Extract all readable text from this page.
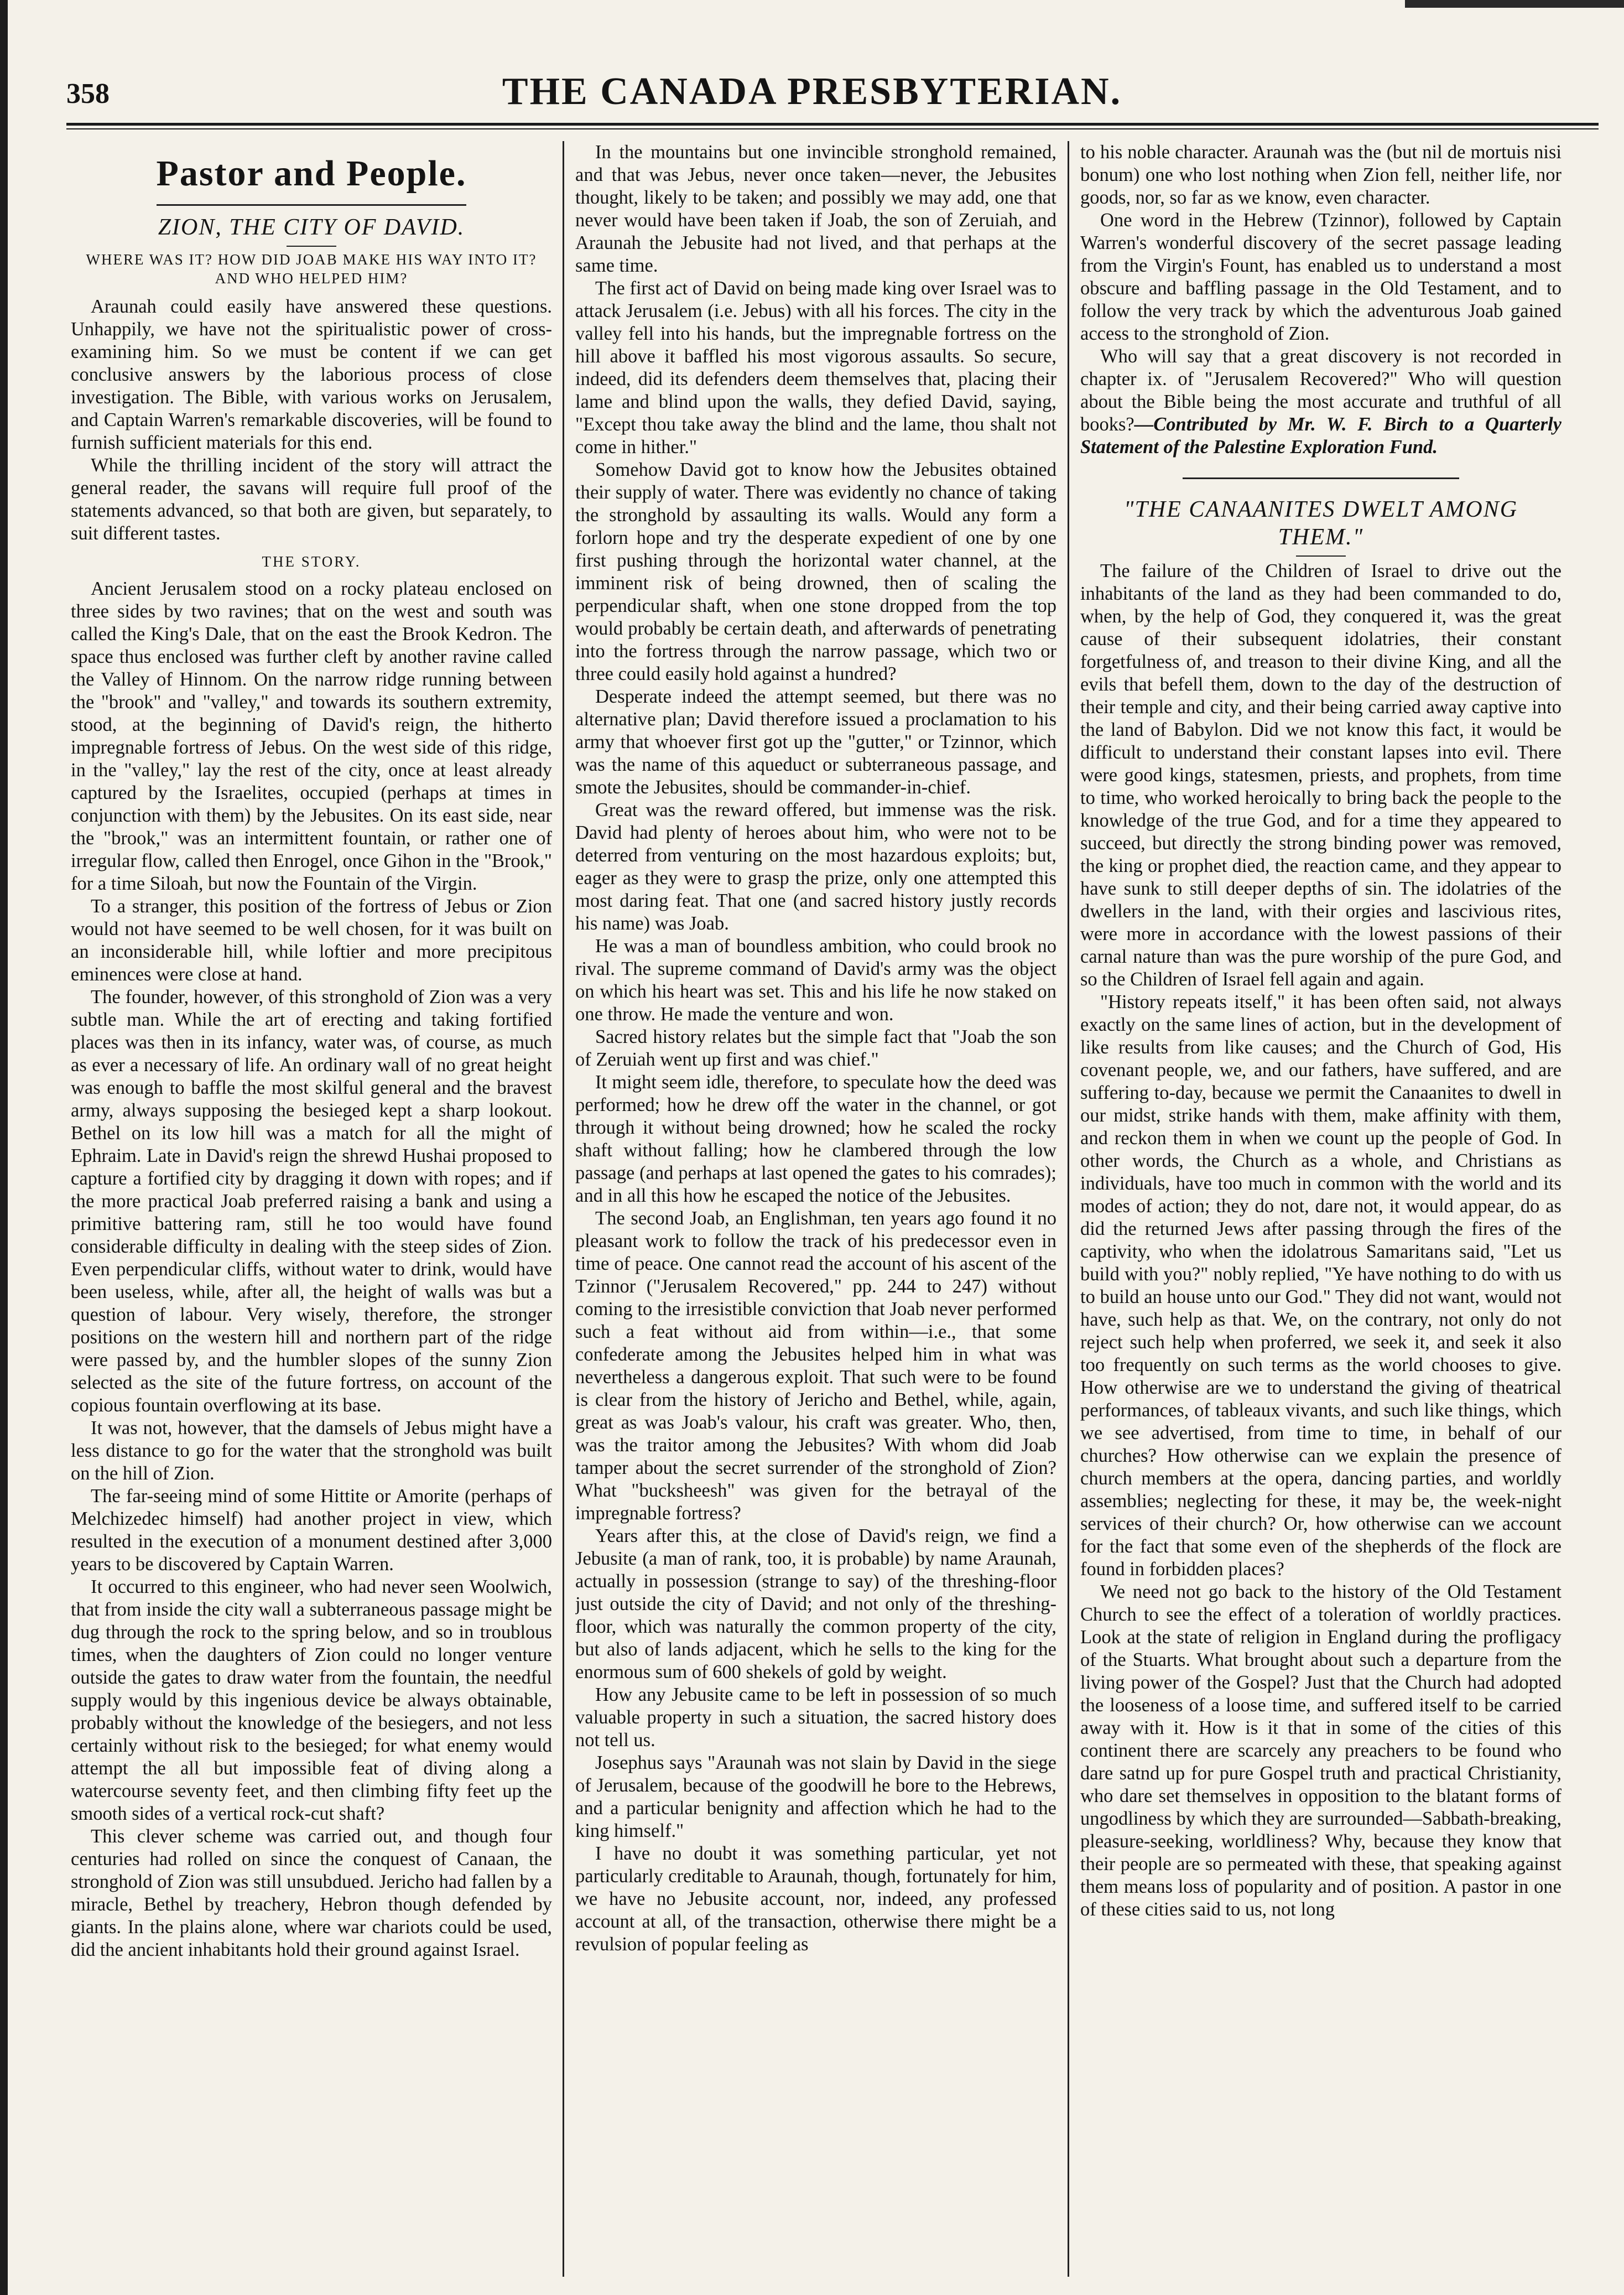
358	THE CANADA PRESBYTERIAN.
Pastor and People.
ZION, THE CITY OF DAVID.
WHERE WAS IT? HOW DID JOAB MAKE HIS WAY INTO IT? AND WHO HELPED HIM?

Araunah could easily have answered these questions. Unhappily, we have not the spiritualistic power of cross-examining him. So we must be content if we can get conclusive answers by the laborious process of close investigation. The Bible, with various works on Jerusalem, and Captain Warren's remarkable discoveries, will be found to furnish sufficient materials for this end.

While the thrilling incident of the story will attract the general reader, the savans will require full proof of the statements advanced, so that both are given, but separately, to suit different tastes.

THE STORY.

Ancient Jerusalem stood on a rocky plateau enclosed on three sides by two ravines; that on the west and south was called the King's Dale, that on the east the Brook Kedron. The space thus enclosed was further cleft by another ravine called the Valley of Hinnom. On the narrow ridge running between the "brook" and "valley," and towards its southern extremity, stood, at the beginning of David's reign, the hitherto impregnable fortress of Jebus. On the west side of this ridge, in the "valley," lay the rest of the city, once at least already captured by the Israelites, occupied (perhaps at times in conjunction with them) by the Jebusites. On its east side, near the "brook," was an intermittent fountain, or rather one of irregular flow, called then Enrogel, once Gihon in the "Brook," for a time Siloah, but now the Fountain of the Virgin.

To a stranger, this position of the fortress of Jebus or Zion would not have seemed to be well chosen, for it was built on an inconsiderable hill, while loftier and more precipitous eminences were close at hand.

The founder, however, of this stronghold of Zion was a very subtle man. While the art of erecting and taking fortified places was then in its infancy, water was, of course, as much as ever a necessary of life. An ordinary wall of no great height was enough to baffle the most skilful general and the bravest army, always supposing the besieged kept a sharp lookout. Bethel on its low hill was a match for all the might of Ephraim. Late in David's reign the shrewd Hushai proposed to capture a fortified city by dragging it down with ropes; and if the more practical Joab preferred raising a bank and using a primitive battering ram, still he too would have found considerable difficulty in dealing with the steep sides of Zion. Even perpendicular cliffs, without water to drink, would have been useless, while, after all, the height of walls was but a question of labour. Very wisely, therefore, the stronger positions on the western hill and northern part of the ridge were passed by, and the humbler slopes of the sunny Zion selected as the site of the future fortress, on account of the copious fountain overflowing at its base.

It was not, however, that the damsels of Jebus might have a less distance to go for the water that the stronghold was built on the hill of Zion.

The far-seeing mind of some Hittite or Amorite (perhaps of Melchizedec himself) had another project in view, which resulted in the execution of a monument destined after 3,000 years to be discovered by Captain Warren.

It occurred to this engineer, who had never seen Woolwich, that from inside the city wall a subterraneous passage might be dug through the rock to the spring below, and so in troublous times, when the daughters of Zion could no longer venture outside the gates to draw water from the fountain, the needful supply would by this ingenious device be always obtainable, probably without the knowledge of the besiegers, and not less certainly without risk to the besieged; for what enemy would attempt the all but impossible feat of diving along a watercourse seventy feet, and then climbing fifty feet up the smooth sides of a vertical rock-cut shaft?

This clever scheme was carried out, and though four centuries had rolled on since the conquest of Canaan, the stronghold of Zion was still unsubdued. Jericho had fallen by a miracle, Bethel by treachery, Hebron though defended by giants. In the plains alone, where war chariots could be used, did the ancient inhabitants hold their ground against Israel.

In the mountains but one invincible stronghold remained, and that was Jebus, never once taken—never, the Jebusites thought, likely to be taken; and possibly we may add, one that never would have been taken if Joab, the son of Zeruiah, and Araunah the Jebusite had not lived, and that perhaps at the same time.

The first act of David on being made king over Israel was to attack Jerusalem (i.e. Jebus) with all his forces. The city in the valley fell into his hands, but the impregnable fortress on the hill above it baffled his most vigorous assaults. So secure, indeed, did its defenders deem themselves that, placing their lame and blind upon the walls, they defied David, saying, "Except thou take away the blind and the lame, thou shalt not come in hither."

Somehow David got to know how the Jebusites obtained their supply of water. There was evidently no chance of taking the stronghold by assaulting its walls. Would any form a forlorn hope and try the desperate expedient of one by one first pushing through the horizontal water channel, at the imminent risk of being drowned, then of scaling the perpendicular shaft, when one stone dropped from the top would probably be certain death, and afterwards of penetrating into the fortress through the narrow passage, which two or three could easily hold against a hundred?

Desperate indeed the attempt seemed, but there was no alternative plan; David therefore issued a proclamation to his army that whoever first got up the "gutter," or Tzinnor, which was the name of this aqueduct or subterraneous passage, and smote the Jebusites, should be commander-in-chief.

Great was the reward offered, but immense was the risk. David had plenty of heroes about him, who were not to be deterred from venturing on the most hazardous exploits; but, eager as they were to grasp the prize, only one attempted this most daring feat. That one (and sacred history justly records his name) was Joab.

He was a man of boundless ambition, who could brook no rival. The supreme command of David's army was the object on which his heart was set. This and his life he now staked on one throw. He made the venture and won.

Sacred history relates but the simple fact that "Joab the son of Zeruiah went up first and was chief."

It might seem idle, therefore, to speculate how the deed was performed; how he drew off the water in the channel, or got through it without being drowned; how he scaled the rocky shaft without falling; how he clambered through the low passage (and perhaps at last opened the gates to his comrades); and in all this how he escaped the notice of the Jebusites.

The second Joab, an Englishman, ten years ago found it no pleasant work to follow the track of his predecessor even in time of peace. One cannot read the account of his ascent of the Tzinnor ("Jerusalem Recovered," pp. 244 to 247) without coming to the irresistible conviction that Joab never performed such a feat without aid from within—i.e., that some confederate among the Jebusites helped him in what was nevertheless a dangerous exploit. That such were to be found is clear from the history of Jericho and Bethel, while, again, great as was Joab's valour, his craft was greater. Who, then, was the traitor among the Jebusites? With whom did Joab tamper about the secret surrender of the stronghold of Zion? What "bucksheesh" was given for the betrayal of the impregnable fortress?

Years after this, at the close of David's reign, we find a Jebusite (a man of rank, too, it is probable) by name Araunah, actually in possession (strange to say) of the threshing-floor just outside the city of David; and not only of the threshing-floor, which was naturally the common property of the city, but also of lands adjacent, which he sells to the king for the enormous sum of 600 shekels of gold by weight.

How any Jebusite came to be left in possession of so much valuable property in such a situation, the sacred history does not tell us.

Josephus says "Araunah was not slain by David in the siege of Jerusalem, because of the goodwill he bore to the Hebrews, and a particular benignity and affection which he had to the king himself."

I have no doubt it was something particular, yet not particularly creditable to Araunah, though, fortunately for him, we have no Jebusite account, nor, indeed, any professed account at all, of the transaction, otherwise there might be a revulsion of popular feeling as

to his noble character. Araunah was the (but nil de mortuis nisi bonum) one who lost nothing when Zion fell, neither life, nor goods, nor, so far as we know, even character.

One word in the Hebrew (Tzinnor), followed by Captain Warren's wonderful discovery of the secret passage leading from the Virgin's Fount, has enabled us to understand a most obscure and baffling passage in the Old Testament, and to follow the very track by which the adventurous Joab gained access to the stronghold of Zion.

Who will say that a great discovery is not recorded in chapter ix. of "Jerusalem Recovered?" Who will question about the Bible being the most accurate and truthful of all books?—Contributed by Mr. W. F. Birch to a Quarterly Statement of the Palestine Exploration Fund.

"THE CANAANITES DWELT AMONG THEM."

The failure of the Children of Israel to drive out the inhabitants of the land as they had been commanded to do, when, by the help of God, they conquered it, was the great cause of their subsequent idolatries, their constant forgetfulness of, and treason to their divine King, and all the evils that befell them, down to the day of the destruction of their temple and city, and their being carried away captive into the land of Babylon. Did we not know this fact, it would be difficult to understand their constant lapses into evil. There were good kings, statesmen, priests, and prophets, from time to time, who worked heroically to bring back the people to the knowledge of the true God, and for a time they appeared to succeed, but directly the strong binding power was removed, the king or prophet died, the reaction came, and they appear to have sunk to still deeper depths of sin. The idolatries of the dwellers in the land, with their orgies and lascivious rites, were more in accordance with the lowest passions of their carnal nature than was the pure worship of the pure God, and so the Children of Israel fell again and again.

"History repeats itself," it has been often said, not always exactly on the same lines of action, but in the development of like results from like causes; and the Church of God, His covenant people, we, and our fathers, have suffered, and are suffering to-day, because we permit the Canaanites to dwell in our midst, strike hands with them, make affinity with them, and reckon them in when we count up the people of God. In other words, the Church as a whole, and Christians as individuals, have too much in common with the world and its modes of action; they do not, dare not, it would appear, do as did the returned Jews after passing through the fires of the captivity, who when the idolatrous Samaritans said, "Let us build with you?" nobly replied, "Ye have nothing to do with us to build an house unto our God." They did not want, would not have, such help as that. We, on the contrary, not only do not reject such help when proferred, we seek it, and seek it also too frequently on such terms as the world chooses to give. How otherwise are we to understand the giving of theatrical performances, of tableaux vivants, and such like things, which we see advertised, from time to time, in behalf of our churches? How otherwise can we explain the presence of church members at the opera, dancing parties, and worldly assemblies; neglecting for these, it may be, the week-night services of their church? Or, how otherwise can we account for the fact that some even of the shepherds of the flock are found in forbidden places?

We need not go back to the history of the Old Testament Church to see the effect of a toleration of worldly practices. Look at the state of religion in England during the profligacy of the Stuarts. What brought about such a departure from the living power of the Gospel? Just that the Church had adopted the looseness of a loose time, and suffered itself to be carried away with it. How is it that in some of the cities of this continent there are scarcely any preachers to be found who dare satnd up for pure Gospel truth and practical Christianity, who dare set themselves in opposition to the blatant forms of ungodliness by which they are surrounded—Sabbath-breaking, pleasure-seeking, worldliness? Why, because they know that their people are so permeated with these, that speaking against them means loss of popularity and of position. A pastor in one of these cities said to us, not long
